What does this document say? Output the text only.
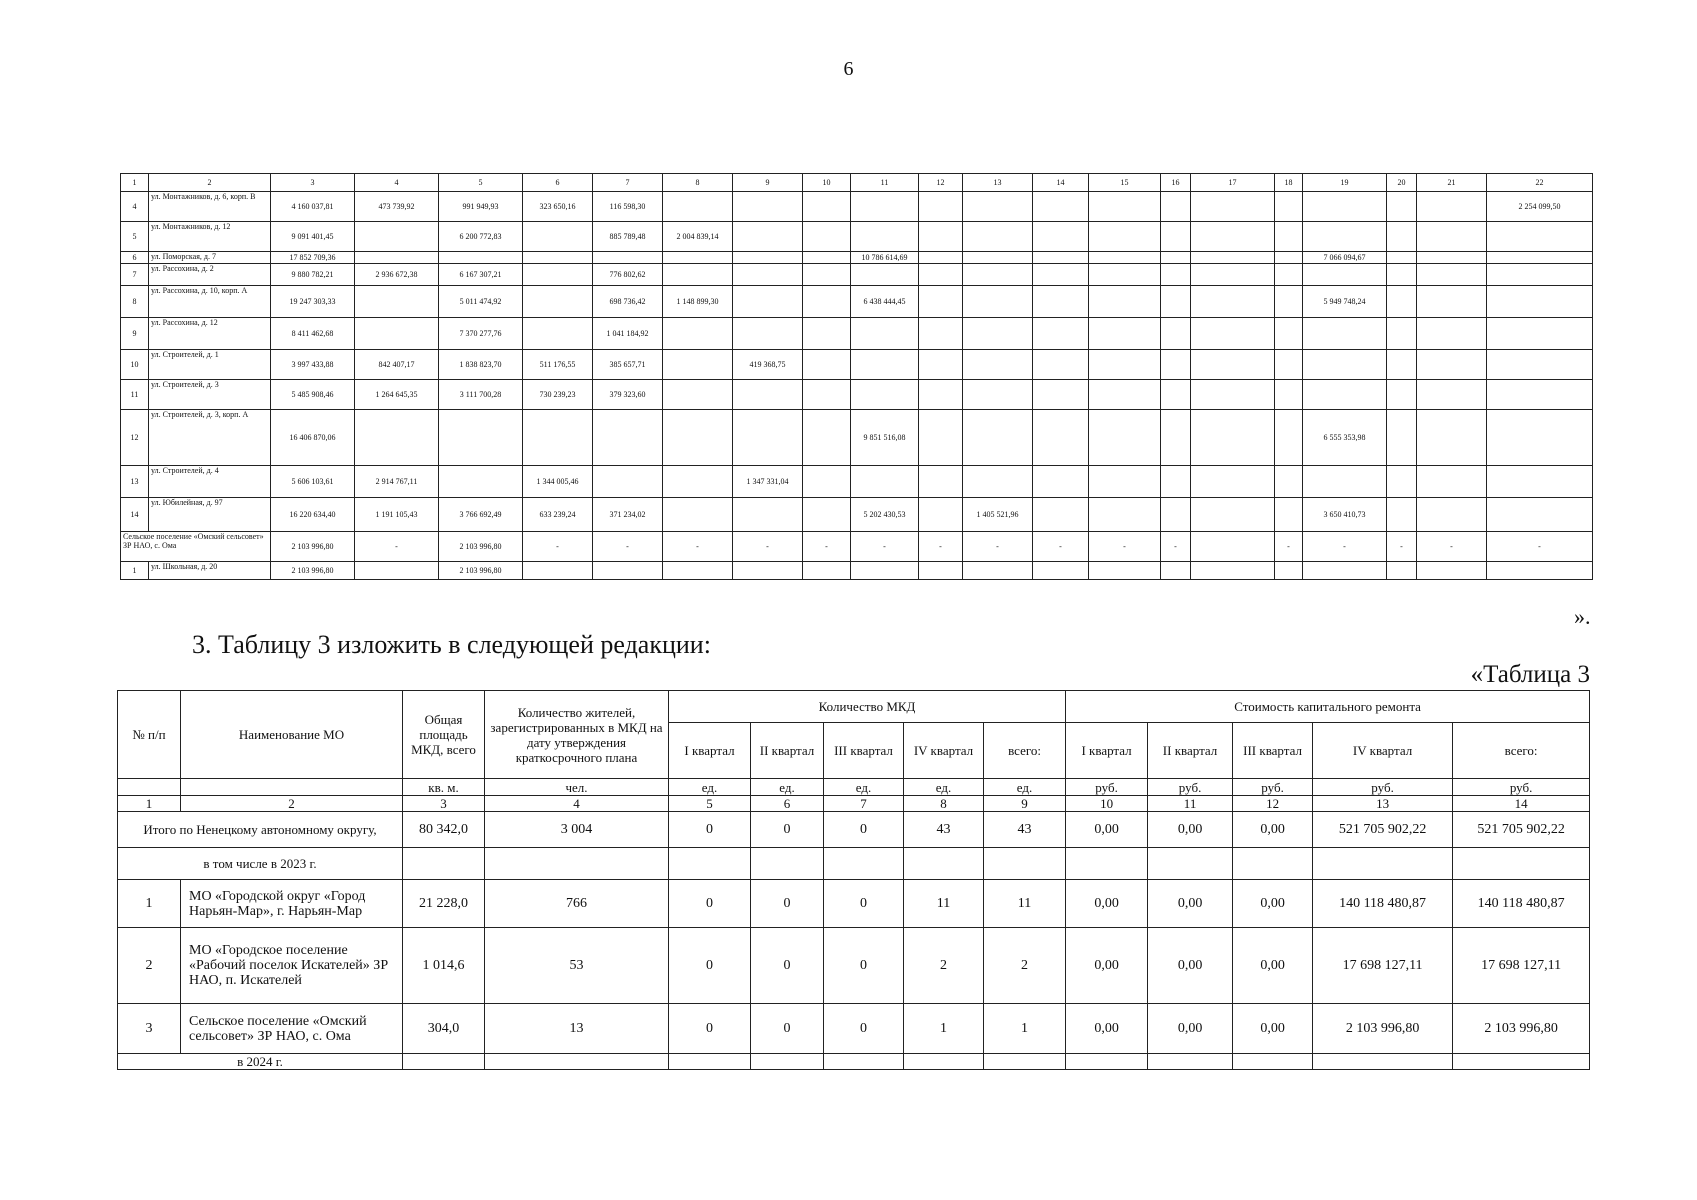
6
1	2	3	4	5	6	7	8	9	10	11	12	13	14	15	16	17	18	19	20	21	22
4	ул. Монтажников, д. 6, корп. В	4 160 037,81	473 739,92	991 949,93	323 650,16	116 598,30															2 254 099,50
5	ул. Монтажников, д. 12	9 091 401,45		6 200 772,83		885 789,48	2 004 839,14														
6	ул. Поморская, д. 7	17 852 709,36								10 786 614,69								7 066 094,67			
7	ул. Рассохина, д. 2	9 880 782,21	2 936 672,38	6 167 307,21		776 802,62															
8	ул. Рассохина, д. 10, корп. А	19 247 303,33		5 011 474,92		698 736,42	1 148 899,30			6 438 444,45								5 949 748,24			
9	ул. Рассохина, д. 12	8 411 462,68		7 370 277,76		1 041 184,92															
10	ул. Строителей, д. 1	3 997 433,88	842 407,17	1 838 823,70	511 176,55	385 657,71		419 368,75													
11	ул. Строителей, д. 3	5 485 908,46	1 264 645,35	3 111 700,28	730 239,23	379 323,60															
12	ул. Строителей, д. 3, корп. А	16 406 870,06								9 851 516,08								6 555 353,98			
13	ул. Строителей, д. 4	5 606 103,61	2 914 767,11		1 344 005,46			1 347 331,04													
14	ул. Юбилейная, д. 97	16 220 634,40	1 191 105,43	3 766 692,49	633 239,24	371 234,02				5 202 430,53		1 405 521,96						3 650 410,73			
Сельское поселение «Омский сельсовет» ЗР НАО, с. Ома		2 103 996,80	-	2 103 996,80	-	-	-	-	-	-	-	-	-	-	-		-	-	-	-	-
1	ул. Школьная, д. 20	2 103 996,80		2 103 996,80																	
».
3. Таблицу 3 изложить в следующей редакции:
«Таблица 3
№ п/п	Наименование МО	Общая площадь МКД, всего	Количество жителей, зарегистрированных в МКД на дату утверждения краткосрочного плана	Количество МКД					Стоимость капитального ремонта				
				I квартал	II квартал	III квартал	IV квартал	всего:	I квартал	II квартал	III квартал	IV квартал	всего:
		кв. м.	чел.	ед.	ед.	ед.	ед.	ед.	руб.	руб.	руб.	руб.	руб.
1	2	3	4	5	6	7	8	9	10	11	12	13	14
Итого по Ненецкому автономному округу,		80 342,0	3 004	0	0	0	43	43	0,00	0,00	0,00	521 705 902,22	521 705 902,22
в том числе в 2023 г.													
1	МО «Городской округ «Город Нарьян-Мар», г. Нарьян-Мар	21 228,0	766	0	0	0	11	11	0,00	0,00	0,00	140 118 480,87	140 118 480,87
2	МО «Городское поселение «Рабочий поселок Искателей» ЗР НАО, п. Искателей	1 014,6	53	0	0	0	2	2	0,00	0,00	0,00	17 698 127,11	17 698 127,11
3	Сельское поселение «Омский сельсовет» ЗР НАО, с. Ома	304,0	13	0	0	0	1	1	0,00	0,00	0,00	2 103 996,80	2 103 996,80
в 2024 г.													
